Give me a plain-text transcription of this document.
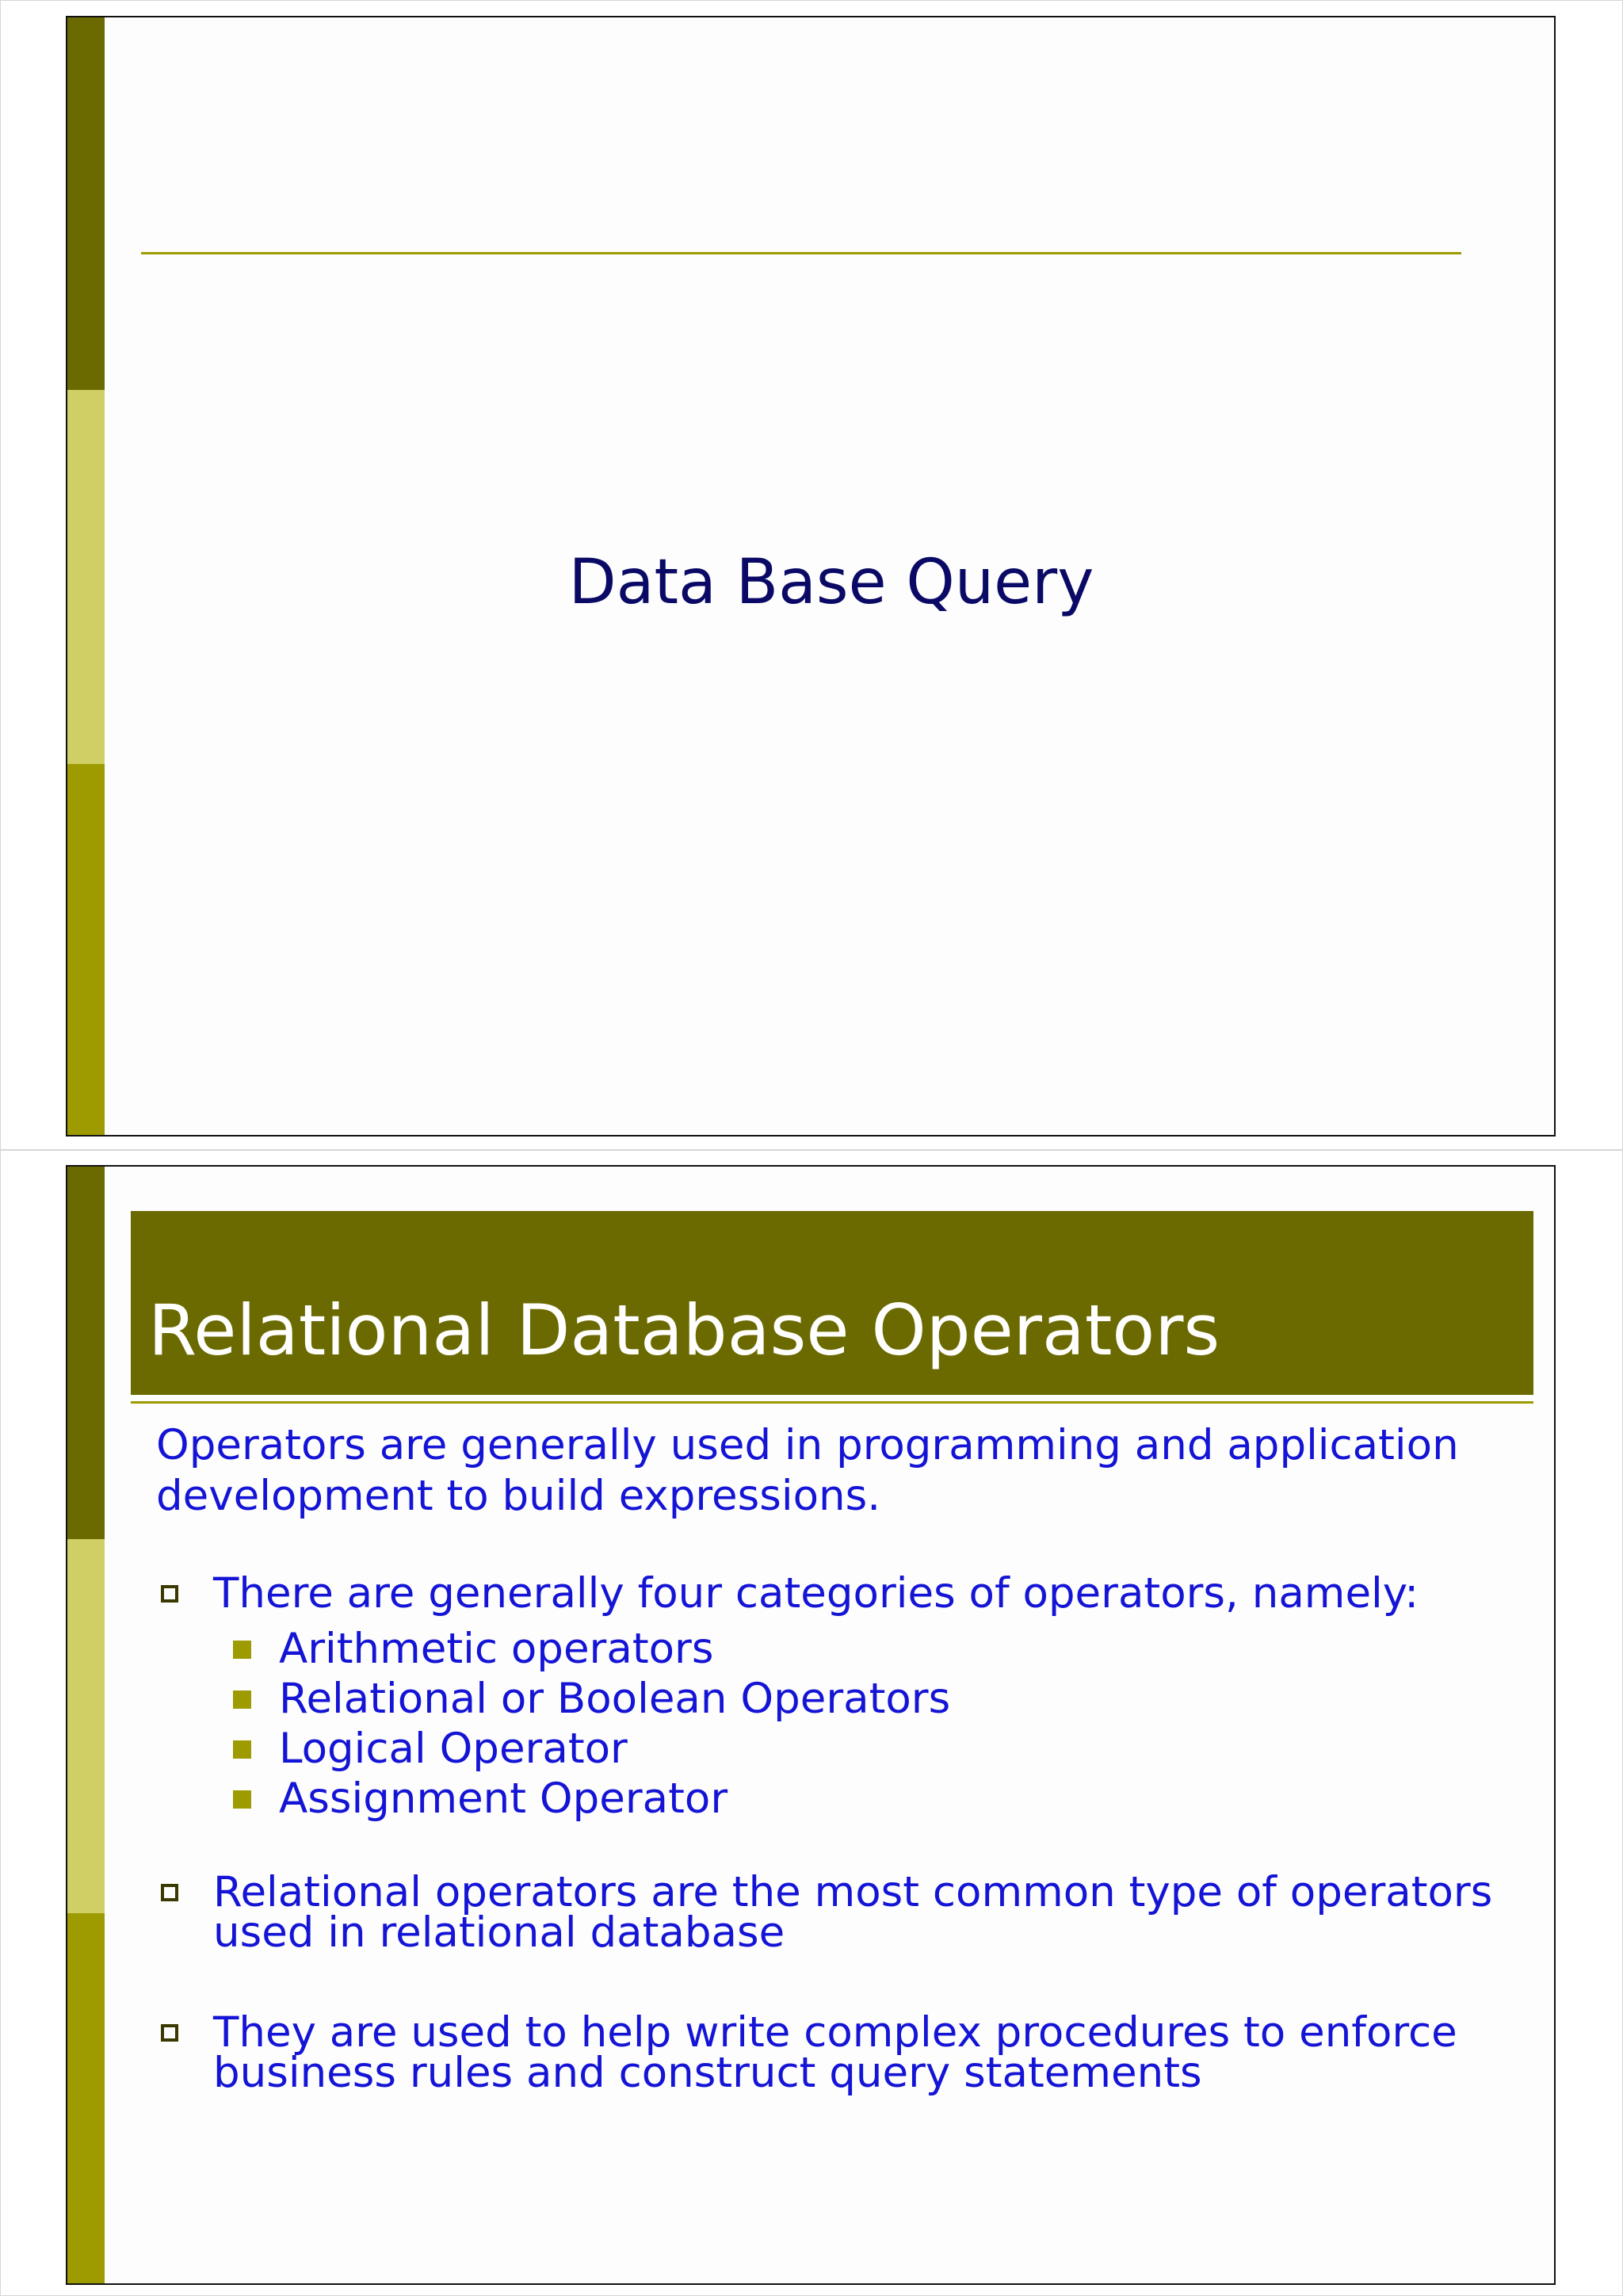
Data Base Query
Relational Database Operators

Operators are generally used in programming and application development to build expressions.

There are generally four categories of operators, namely:
Arithmetic operators
Relational or Boolean Operators
Logical Operator
Assignment Operator
Relational operators are the most common type of operators used in relational database
They are used to help write complex procedures to enforce business rules and construct query statements
